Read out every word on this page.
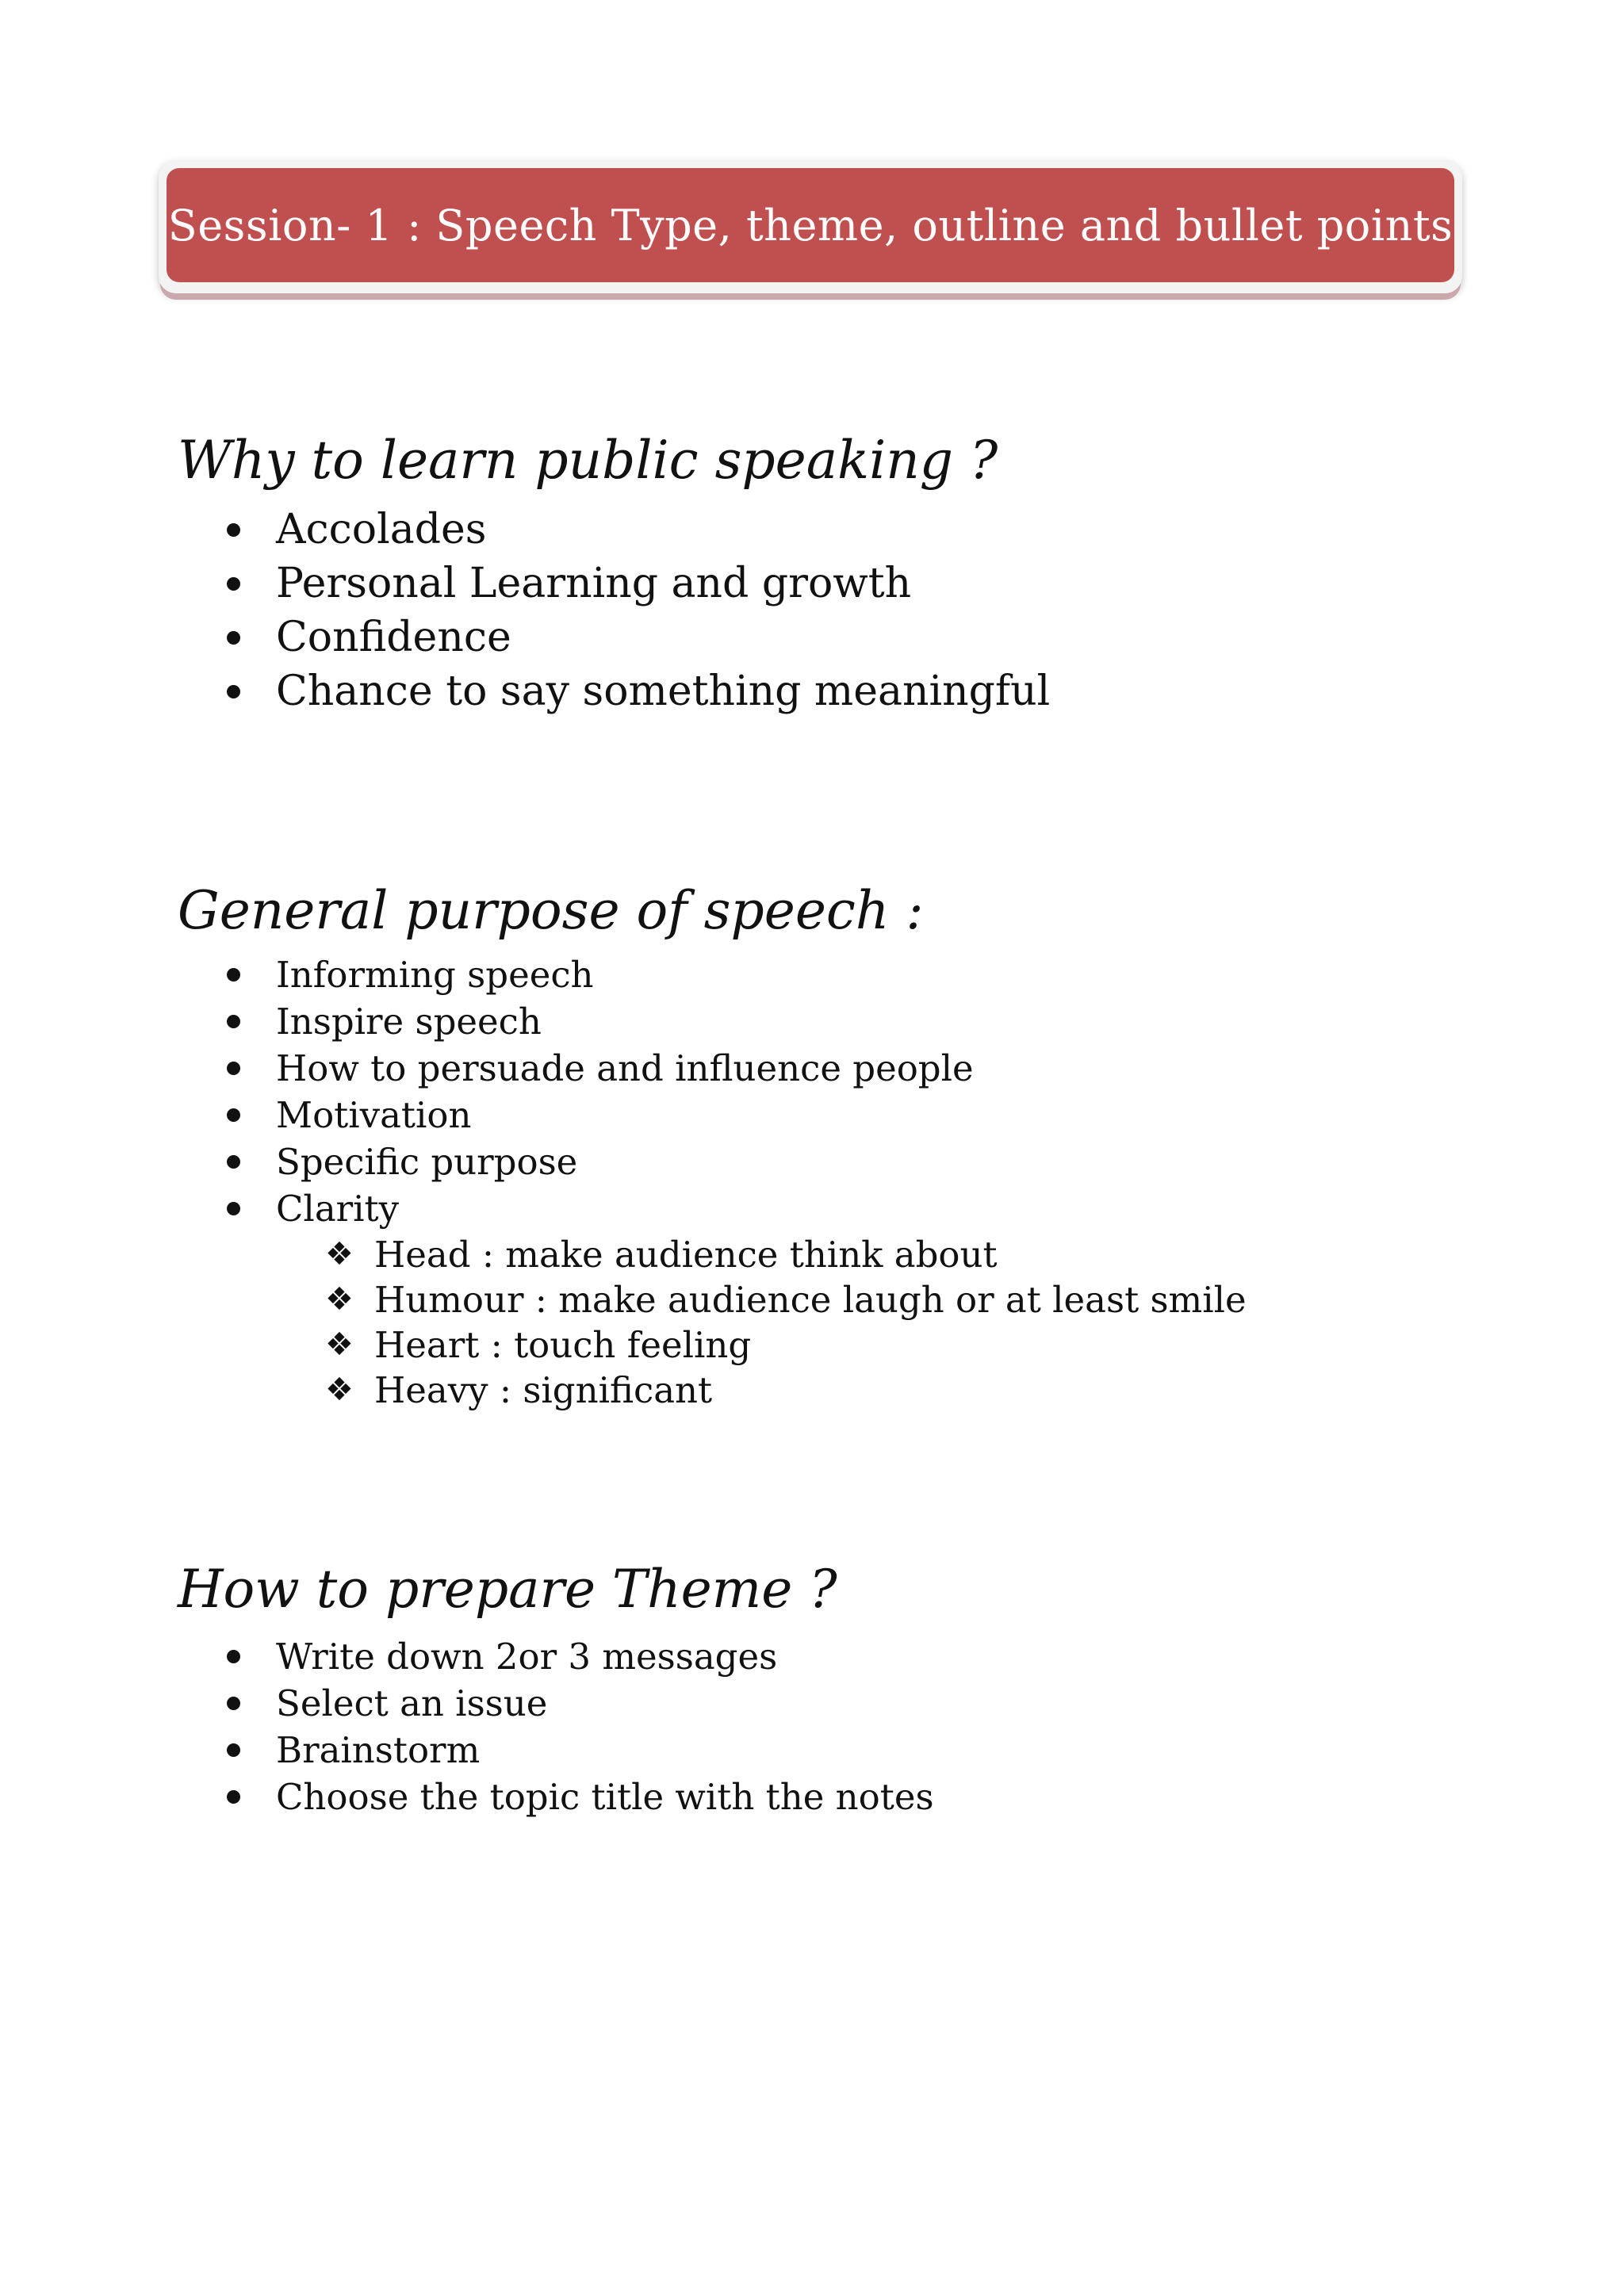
Session- 1 : Speech Type, theme, outline and bullet points
Why to learn public speaking ?
Accolades
Personal Learning and growth
Confidence
Chance to say something meaningful
General purpose of speech :
Informing speech
Inspire speech
How to persuade and influence people
Motivation
Specific purpose
Clarity
❖ Head : make audience think about
❖ Humour : make audience laugh or at least smile
❖ Heart : touch feeling
❖ Heavy : significant
How to prepare Theme ?
Write down 2or 3 messages
Select an issue
Brainstorm
Choose the topic title with the notes
